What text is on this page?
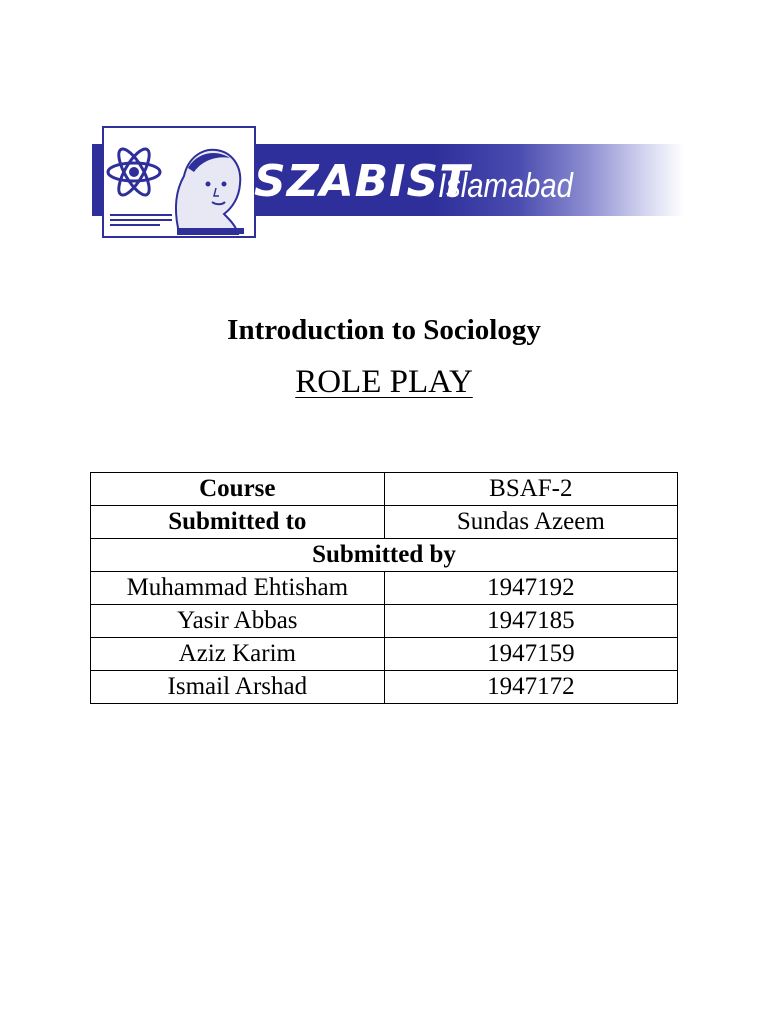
SZABIST
Islamabad
Introduction to Sociology
ROLE PLAY
Course	BSAF-2
Submitted to	Sundas Azeem
Submitted by	
Muhammad Ehtisham	1947192
Yasir Abbas	1947185
Aziz Karim	1947159
Ismail Arshad	1947172
